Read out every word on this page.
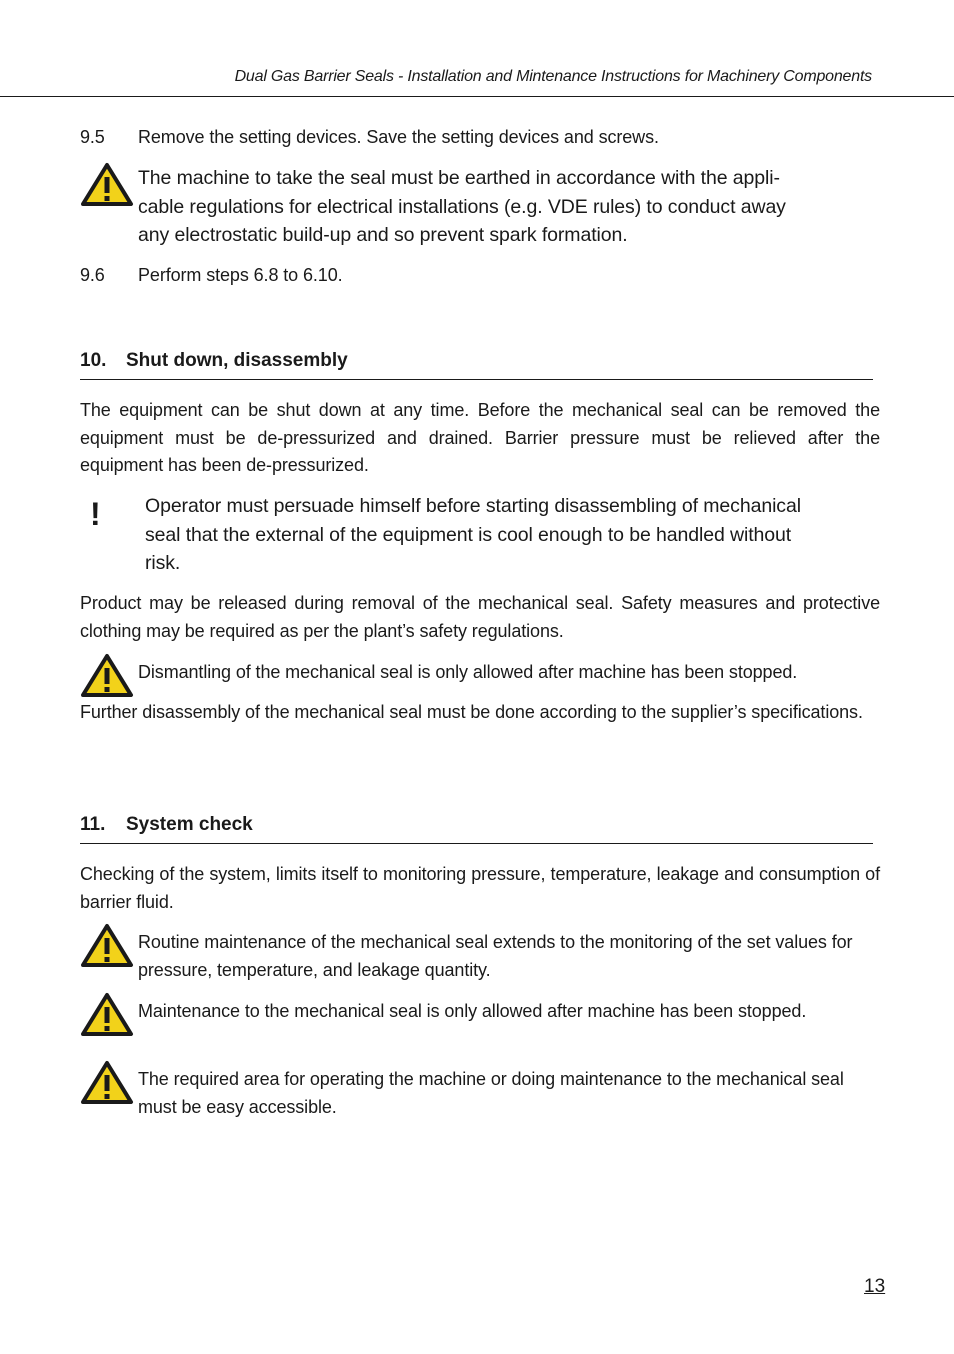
Dual Gas Barrier Seals - Installation and Mintenance Instructions for Machinery Components
9.5 Remove the setting devices. Save the setting devices and screws.
The machine to take the seal must be earthed in accordance with the appli-
cable regulations for electrical installations (e.g. VDE rules) to conduct away
any electrostatic build-up and so prevent spark formation.
9.6 Perform steps 6.8 to 6.10.
10. Shut down, disassembly
The equipment can be shut down at any time. Before the mechanical seal can be removed the equipment must be de-pressurized and drained. Barrier pressure must be relieved after the equipment has been de-pressurized.
! Operator must persuade himself before starting disassembling of mechanical
seal that the external of the equipment is cool enough to be handled without
risk.
Product may be released during removal of the mechanical seal. Safety measures and protective clothing may be required as per the plant’s safety regulations.
Dismantling of the mechanical seal is only allowed after machine has been stopped.
Further disassembly of the mechanical seal must be done according to the supplier’s specifications.
11. System check
Checking of the system, limits itself to monitoring pressure, temperature, leakage and consumption of barrier fluid.
Routine maintenance of the mechanical seal extends to the monitoring of the set values for pressure, temperature, and leakage quantity.
Maintenance to the mechanical seal is only allowed after machine has been stopped.
The required area for operating the machine or doing maintenance to the mechanical seal must be easy accessible.
13
